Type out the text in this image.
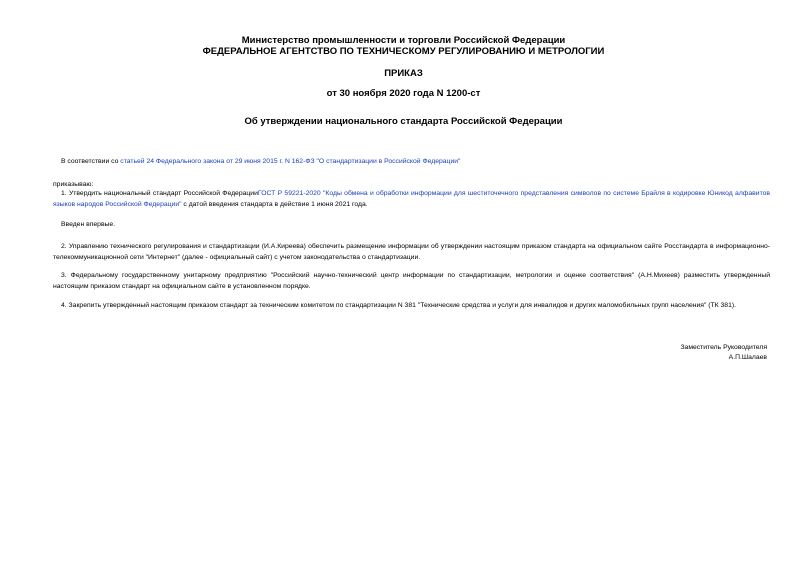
Министерство промышленности и торговли Российской Федерации
ФЕДЕРАЛЬНОЕ АГЕНТСТВО ПО ТЕХНИЧЕСКОМУ РЕГУЛИРОВАНИЮ И МЕТРОЛОГИИ
ПРИКАЗ
от 30 ноября 2020 года N 1200-ст
Об утверждении национального стандарта Российской Федерации
В соответствии со статьей 24 Федерального закона от 29 июня 2015 г. N 162-ФЗ "О стандартизации в Российской Федерации"
приказываю:
1. Утвердить национальный стандарт Российской ФедерацииГОСТ Р 59221-2020 "Коды обмена и обработки информации для шеститочечного представления символов по системе Брайля в кодировке Юникод алфавитов языков народов Российской Федерации" с датой введения стандарта в действие 1 июня 2021 года.
Введен впервые.
2. Управлению технического регулирования и стандартизации (И.А.Киреева) обеспечить размещение информации об утверждении настоящим приказом стандарта на официальном сайте Росстандарта в информационно-телекоммуникационной сети "Интернет" (далее - официальный сайт) с учетом законодательства о стандартизации.
3. Федеральному государственному унитарному предприятию "Российский научно-технический центр информации по стандартизации, метрологии и оценке соответствия" (А.Н.Михеев) разместить утвержденный настоящим приказом стандарт на официальном сайте в установленном порядке.
4. Закрепить утвержденный настоящим приказом стандарт за техническим комитетом по стандартизации N 381 "Технические средства и услуги для инвалидов и других маломобильных групп населения" (ТК 381).
Заместитель Руководителя
А.П.Шалаев
